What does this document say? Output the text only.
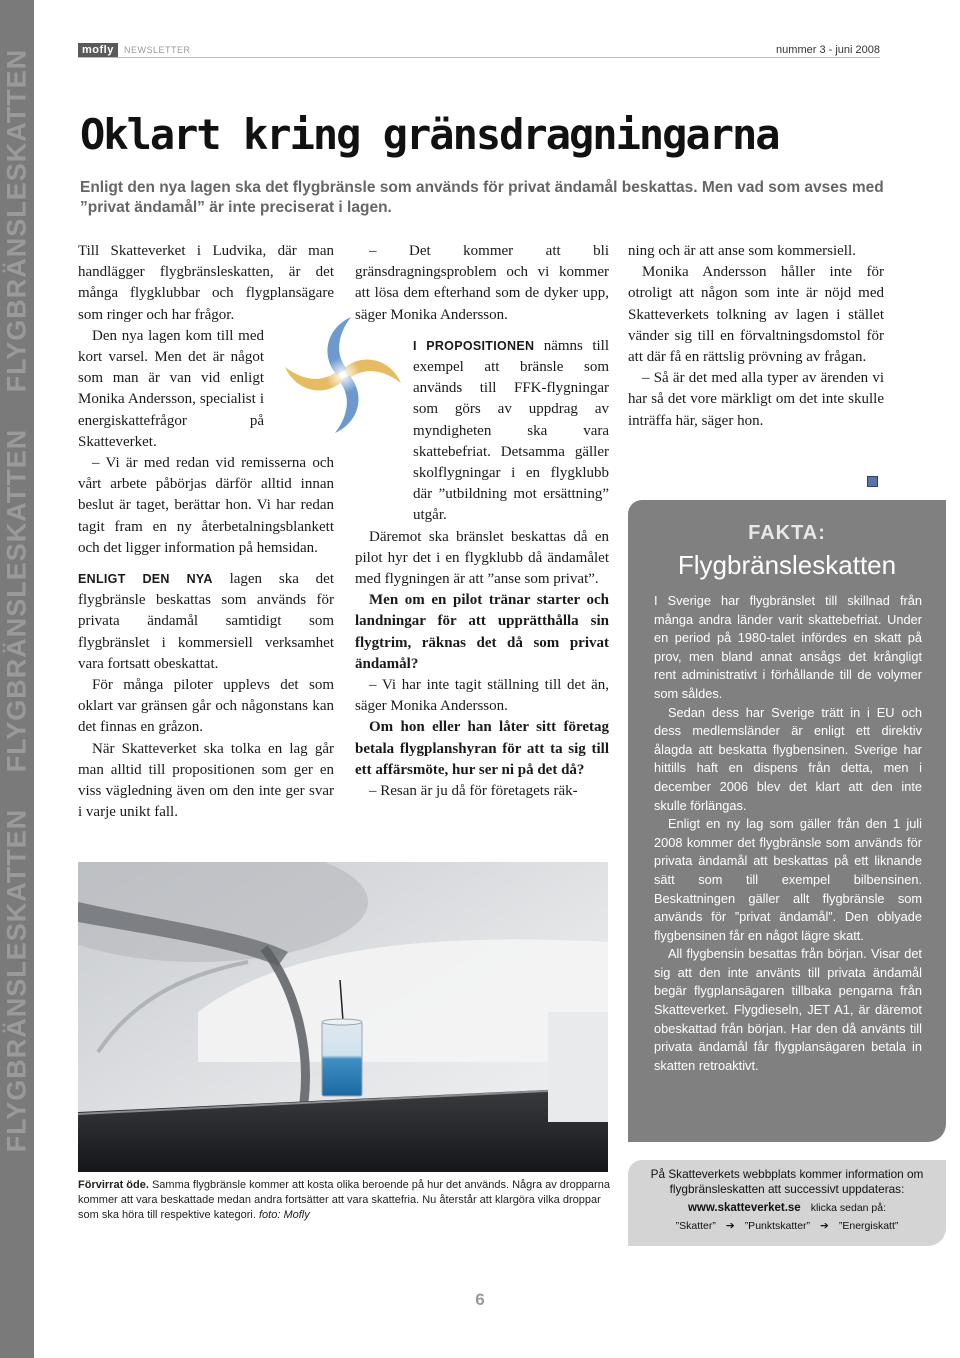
FLYGBRÄNSLESKATTEN
FLYGBRÄNSLESKATTEN
FLYGBRÄNSLESKATTEN
mofly	NEWSLETTER	nummer 3 - juni 2008
Oklart kring gränsdragningarna
Enligt den nya lagen ska det flygbränsle som används för privat ändamål beskattas. Men vad som avses med ”privat ändamål” är inte preciserat i lagen.

Till Skatteverket i Ludvika, där man handlägger flygbränsleskatten, är det många flygklubbar och flygplansägare som ringer och har frågor.

Den nya lagen kom till med kort varsel. Men det är något som man är van vid enligt Monika Andersson, specialist i energiskattefrågor på Skatteverket.

– Vi är med redan vid remisserna och vårt arbete påbörjas därför alltid innan beslut är taget, berättar hon. Vi har redan tagit fram en ny återbetalningsblankett och det ligger information på hemsidan.

ENLIGT DEN NYA lagen ska det flygbränsle beskattas som används för privata ändamål samtidigt som flygbränslet i kommersiell verksamhet vara fortsatt obeskattat.

För många piloter upplevs det som oklart var gränsen går och någonstans kan det finnas en gråzon.

När Skatteverket ska tolka en lag går man alltid till propositionen som ger en viss vägledning även om den inte ger svar i varje unikt fall.

– Det kommer att bli gränsdragningsproblem och vi kommer att lösa dem efterhand som de dyker upp, säger Monika Andersson.

I PROPOSITIONEN nämns till exempel att bränsle som används till FFK-flygningar som görs av uppdrag av myndigheten ska vara skattebefriat. Detsamma gäller skolflygningar i en flygklubb där ”utbildning mot ersättning” utgår.

Däremot ska bränslet beskattas då en pilot hyr det i en flygklubb då ändamålet med flygningen är att ”anse som privat”.

Men om en pilot tränar starter och landningar för att upprätthålla sin flygtrim, räknas det då som privat ändamål?

– Vi har inte tagit ställning till det än, säger Monika Andersson.

Om hon eller han låter sitt företag betala flygplanshyran för att ta sig till ett affärsmöte, hur ser ni på det då?

– Resan är ju då för företagets räk-

ning och är att anse som kommersiell.

Monika Andersson håller inte för otroligt att någon som inte är nöjd med Skatteverkets tolkning av lagen i stället vänder sig till en förvaltningsdomstol för att där få en rättslig prövning av frågan.

– Så är det med alla typer av ärenden vi har så det vore märkligt om det inte skulle inträffa här, säger hon.

Förvirrat öde. Samma flygbränsle kommer att kosta olika beroende på hur det används. Några av dropparna kommer att vara beskattade medan andra fortsätter att vara skattefria. Nu återstår att klargöra vilka droppar som ska höra till respektive kategori. foto: Mofly
FAKTA:
Flygbränsleskatten

I Sverige har flygbränslet till skillnad från många andra länder varit skattebefriat. Under en period på 1980-talet infördes en skatt på prov, men bland annat ansågs det krångligt rent administrativt i förhållande till de volymer som såldes.

Sedan dess har Sverige trätt in i EU och dess medlemsländer är enligt ett direktiv ålagda att beskatta flygbensinen. Sverige har hittills haft en dispens från detta, men i december 2006 blev det klart att den inte skulle förlängas.

Enligt en ny lag som gäller från den 1 juli 2008 kommer det flygbränsle som används för privata ändamål att beskattas på ett liknande sätt som till exempel bilbensinen. Beskattningen gäller allt flygbränsle som används för ”privat ändamål”. Den oblyade flygbensinen får en något lägre skatt.

All flygbensin besattas från början. Visar det sig att den inte använts till privata ändamål begär flygplansägaren tillbaka pengarna från Skatteverket. Flygdieseln, JET A1, är däremot obeskattad från början. Har den då använts till privata ändamål får flygplansägaren betala in skatten retroaktivt.

På Skatteverkets webbplats kommer information om flygbränsleskatten att successivt uppdateras:
www.skatteverket.se klicka sedan på:
”Skatter” ➔ ”Punktskatter” ➔ ”Energiskatt”
6
